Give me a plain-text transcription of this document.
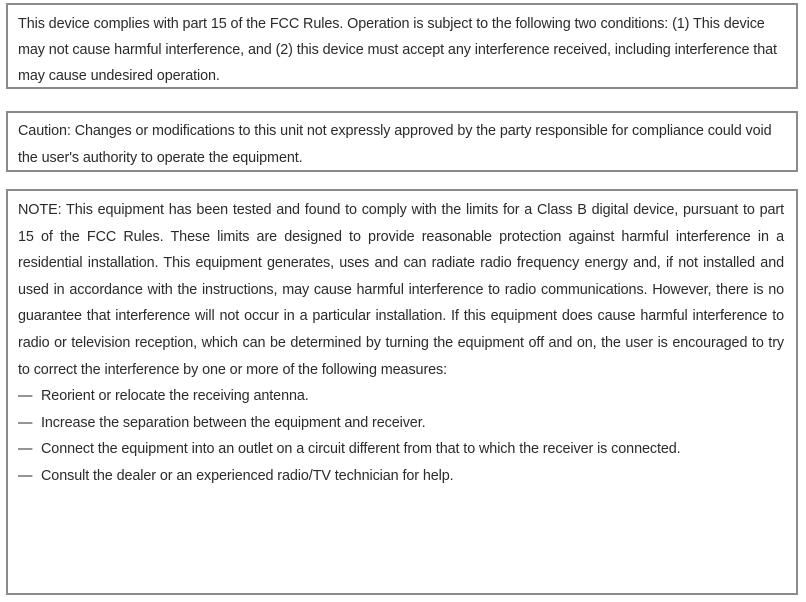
This device complies with part 15 of the FCC Rules. Operation is subject to the following two conditions: (1) This device may not cause harmful interference, and (2) this device must accept any interference received, including interference that may cause undesired operation.

Caution: Changes or modifications to this unit not expressly approved by the party responsible for compliance could void the user's authority to operate the equipment.

NOTE: This equipment has been tested and found to comply with the limits for a Class B digital device, pursuant to part 15 of the FCC Rules. These limits are designed to provide reasonable protection against harmful interference in a residential installation. This equipment generates, uses and can radiate radio frequency energy and, if not installed and used in accordance with the instructions, may cause harmful interference to radio communications. However, there is no guarantee that interference will not occur in a particular installation. If this equipment does cause harmful interference to radio or television reception, which can be determined by turning the equipment off and on, the user is encouraged to try to correct the interference by one or more of the following measures:

— Reorient or relocate the receiving antenna.
— Increase the separation between the equipment and receiver.
— Connect the equipment into an outlet on a circuit different from that to which the receiver is connected.
— Consult the dealer or an experienced radio/TV technician for help.
